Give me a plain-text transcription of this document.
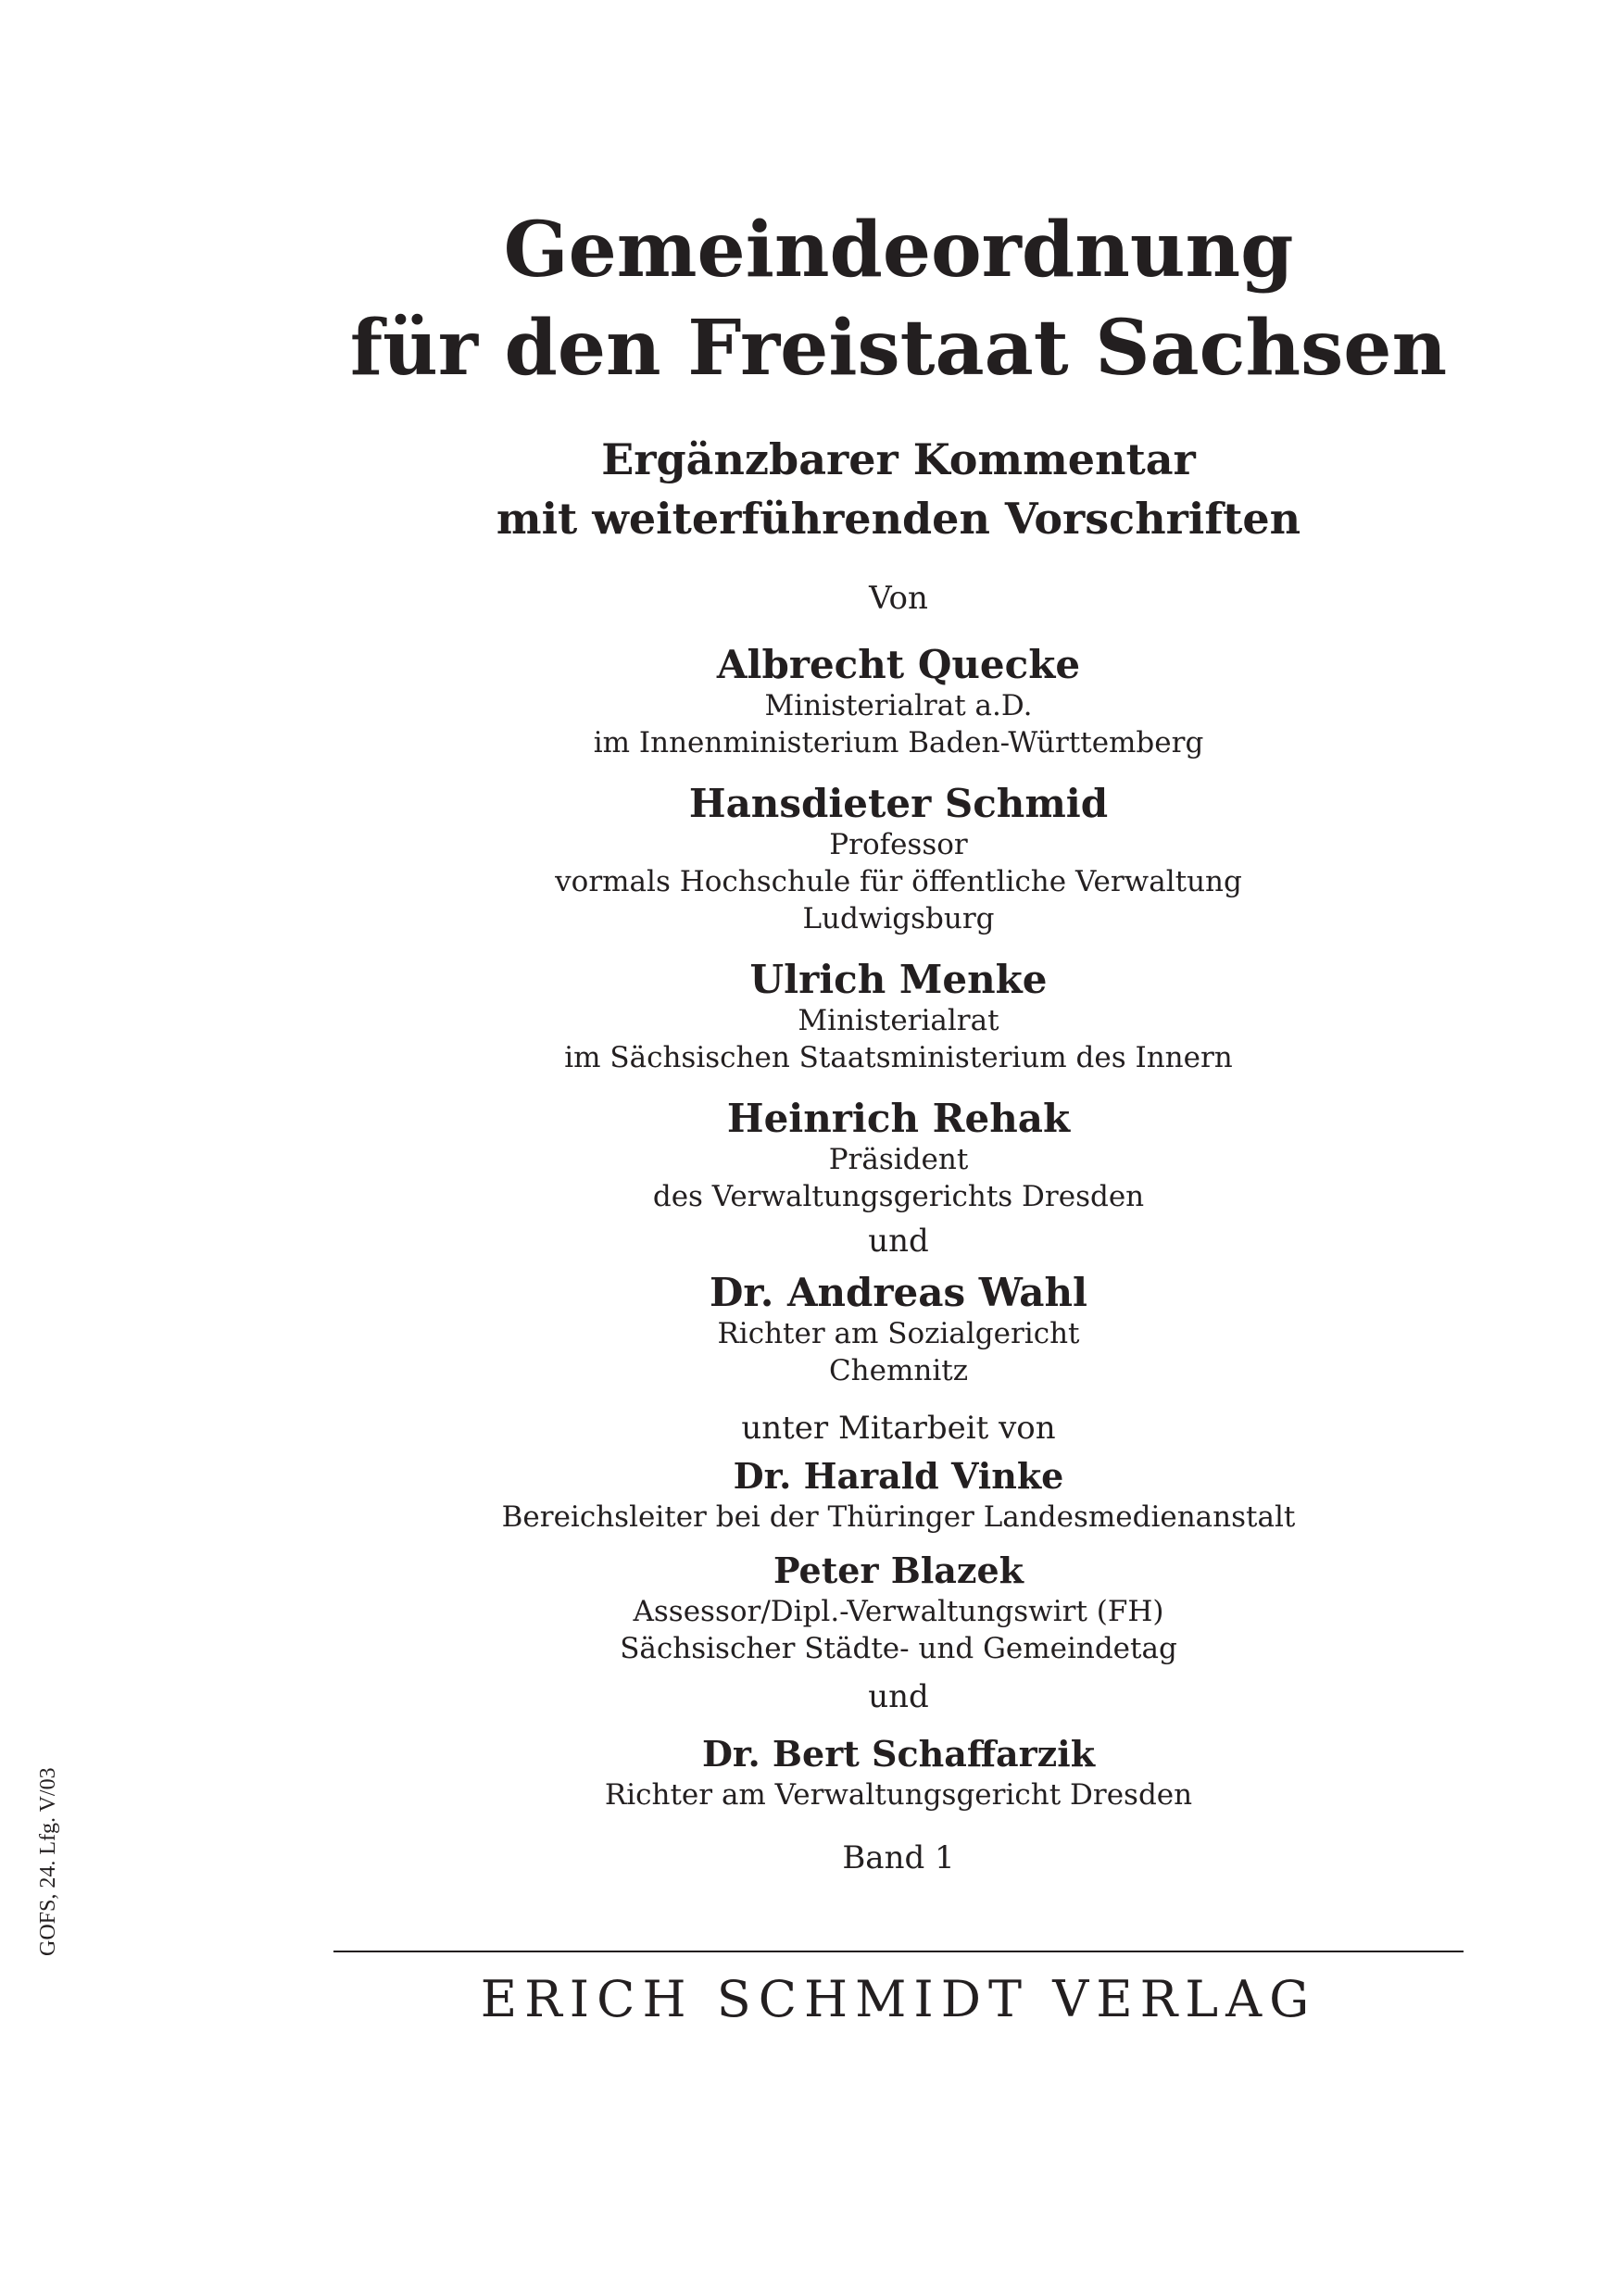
Gemeindeordnung
für den Freistaat Sachsen
Ergänzbarer Kommentar
mit weiterführenden Vorschriften
Von
Albrecht Quecke
Ministerialrat a.D.
im Innenministerium Baden-Württemberg
Hansdieter Schmid
Professor
vormals Hochschule für öffentliche Verwaltung
Ludwigsburg
Ulrich Menke
Ministerialrat
im Sächsischen Staatsministerium des Innern
Heinrich Rehak
Präsident
des Verwaltungsgerichts Dresden
und
Dr. Andreas Wahl
Richter am Sozialgericht
Chemnitz
unter Mitarbeit von
Dr. Harald Vinke
Bereichsleiter bei der Thüringer Landesmedienanstalt
Peter Blazek
Assessor/Dipl.-Verwaltungswirt (FH)
Sächsischer Städte- und Gemeindetag
und
Dr. Bert Schaffarzik
Richter am Verwaltungsgericht Dresden
Band 1
ERICH SCHMIDT VERLAG
GOFS, 24. Lfg. V/03
